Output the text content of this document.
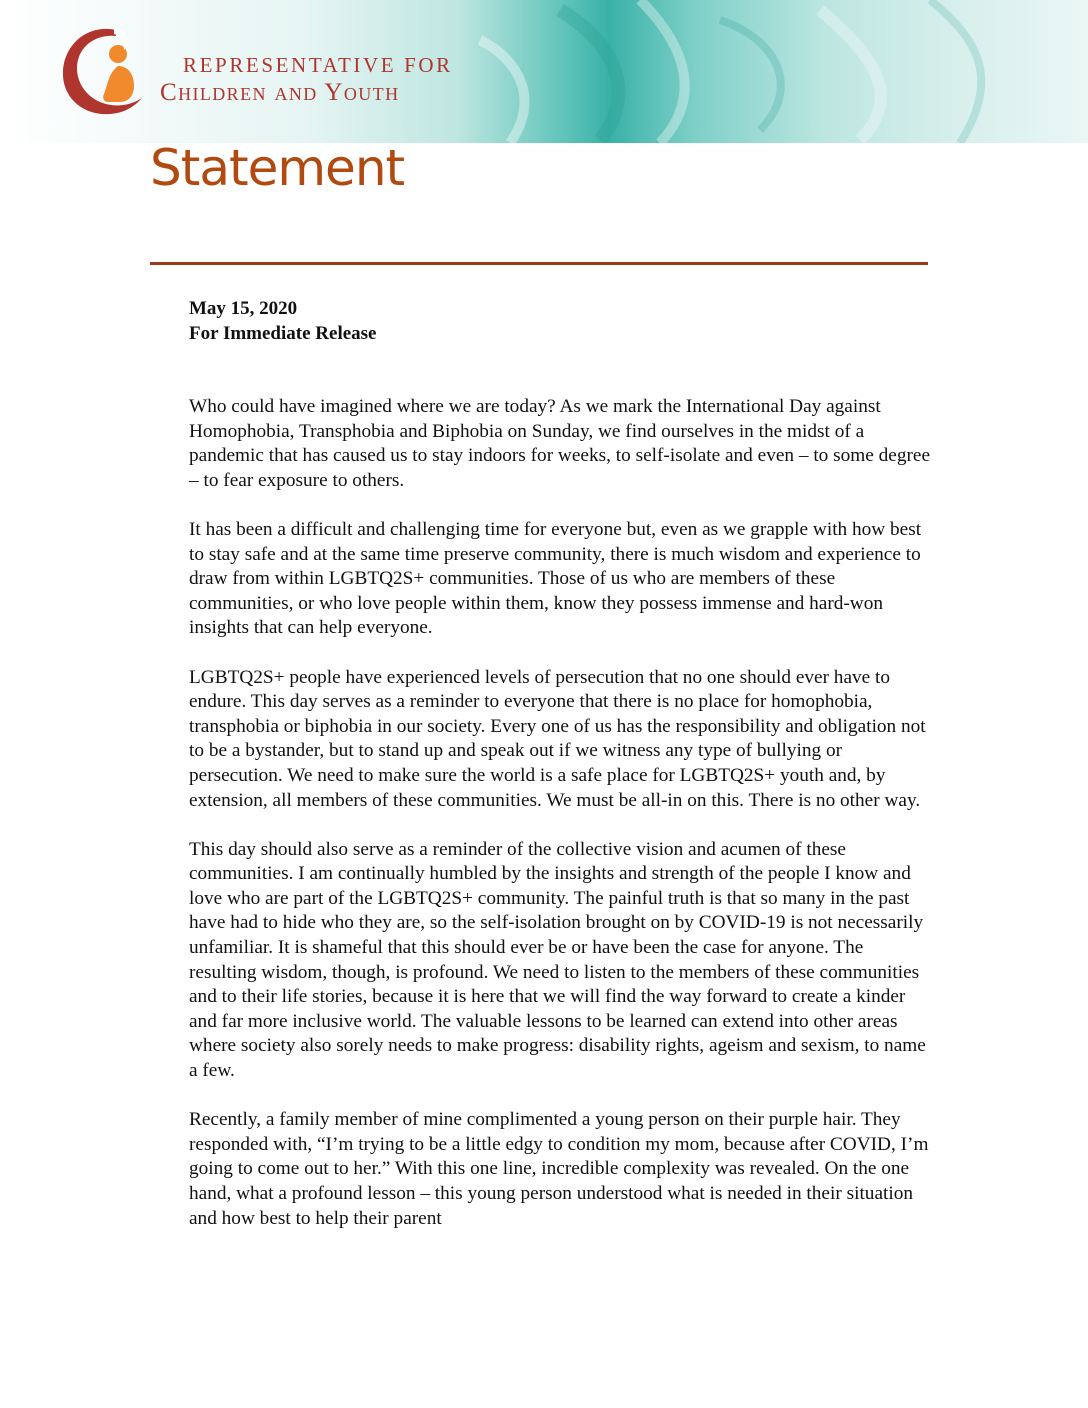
REPRESENTATIVE FOR
Children and Youth
Statement
May 15, 2020
For Immediate Release

Who could have imagined where we are today? As we mark the International Day against Homophobia, Transphobia and Biphobia on Sunday, we find ourselves in the midst of a pandemic that has caused us to stay indoors for weeks, to self-isolate and even – to some degree – to fear exposure to others.

It has been a difficult and challenging time for everyone but, even as we grapple with how best to stay safe and at the same time preserve community, there is much wisdom and experience to draw from within LGBTQ2S+ communities. Those of us who are members of these communities, or who love people within them, know they possess immense and hard-won insights that can help everyone.

LGBTQ2S+ people have experienced levels of persecution that no one should ever have to endure. This day serves as a reminder to everyone that there is no place for homophobia, transphobia or biphobia in our society. Every one of us has the responsibility and obligation not to be a bystander, but to stand up and speak out if we witness any type of bullying or persecution. We need to make sure the world is a safe place for LGBTQ2S+ youth and, by extension, all members of these communities. We must be all-in on this. There is no other way.

This day should also serve as a reminder of the collective vision and acumen of these communities. I am continually humbled by the insights and strength of the people I know and love who are part of the LGBTQ2S+ community. The painful truth is that so many in the past have had to hide who they are, so the self-isolation brought on by COVID-19 is not necessarily unfamiliar. It is shameful that this should ever be or have been the case for anyone. The resulting wisdom, though, is profound. We need to listen to the members of these communities and to their life stories, because it is here that we will find the way forward to create a kinder and far more inclusive world. The valuable lessons to be learned can extend into other areas where society also sorely needs to make progress: disability rights, ageism and sexism, to name a few.

Recently, a family member of mine complimented a young person on their purple hair. They responded with, “I’m trying to be a little edgy to condition my mom, because after COVID, I’m going to come out to her.” With this one line, incredible complexity was revealed. On the one hand, what a profound lesson – this young person understood what is needed in their situation and how best to help their parent
